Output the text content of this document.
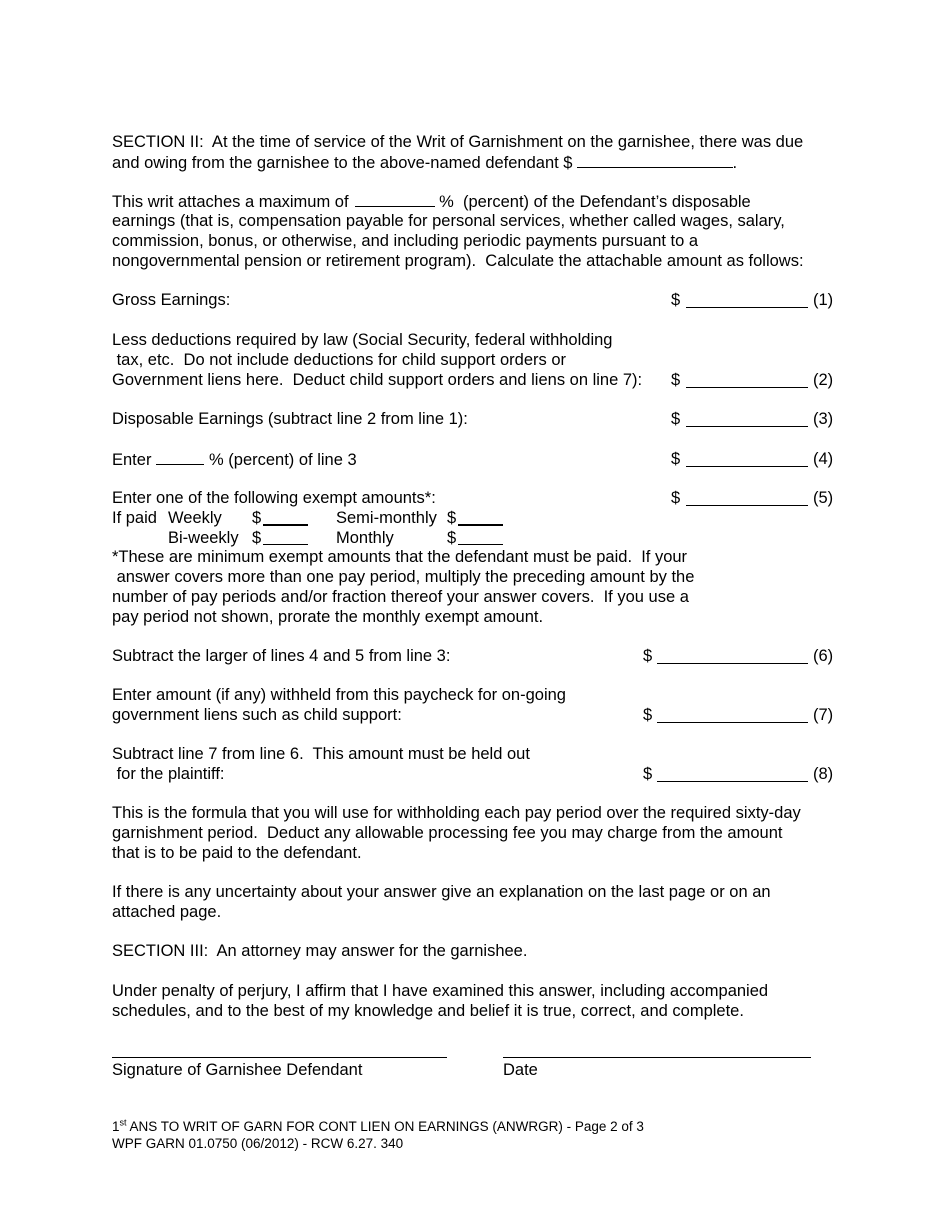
SECTION II:  At the time of service of the Writ of Garnishment on the garnishee, there was due

and owing from the garnishee to the above-named defendant $	.

This writ attaches a maximum of	%  (percent) of the Defendant’s disposable

earnings (that is, compensation payable for personal services, whether called wages, salary,

commission, bonus, or otherwise, and including periodic payments pursuant to a

nongovernmental pension or retirement program).  Calculate the attachable amount as follows:

Gross Earnings:	$	(1)

Less deductions required by law (Social Security, federal withholding

tax, etc.  Do not include deductions for child support orders or

Government liens here.  Deduct child support orders and liens on line 7): $	(2)

Disposable Earnings (subtract line 2 from line 1):	$	(3)

Enter	% (percent) of line 3	$	(4)

Enter one of the following exempt amounts*:	$	(5)
If paid Weekly $	Semi-monthly $
Bi-weekly $	Monthly	$

*These are minimum exempt amounts that the defendant must be paid.  If your

answer covers more than one pay period, multiply the preceding amount by the

number of pay periods and/or fraction thereof your answer covers.  If you use a

pay period not shown, prorate the monthly exempt amount.

Subtract the larger of lines 4 and 5 from line 3:	$	(6)

Enter amount (if any) withheld from this paycheck for on-going

government liens such as child support:	$	(7)

Subtract line 7 from line 6.  This amount must be held out

for the plaintiff:	$	(8)

This is the formula that you will use for withholding each pay period over the required sixty-day

garnishment period.  Deduct any allowable processing fee you may charge from the amount

that is to be paid to the defendant.

If there is any uncertainty about your answer give an explanation on the last page or on an

attached page.

SECTION III:  An attorney may answer for the garnishee.

Under penalty of perjury, I affirm that I have examined this answer, including accompanied

schedules, and to the best of my knowledge and belief it is true, correct, and complete.

Signature of Garnishee Defendant	Date

1st ANS TO WRIT OF GARN FOR CONT LIEN ON EARNINGS (ANWRGR) - Page 2 of 3

WPF GARN 01.0750 (06/2012) - RCW 6.27. 340
